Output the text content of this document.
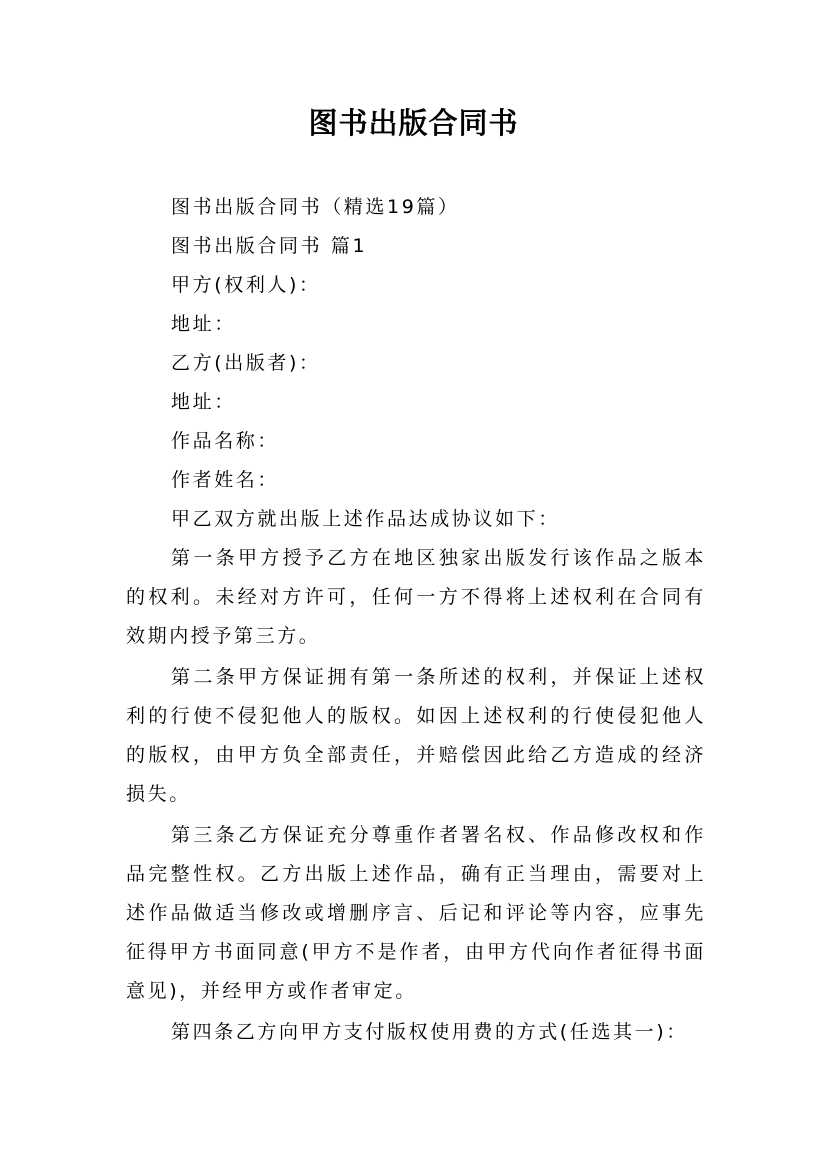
图书出版合同书

图书出版合同书（精选19篇）

图书出版合同书 篇1

甲方(权利人)：

地址：

乙方(出版者)：

地址：

作品名称：

作者姓名：

甲乙双方就出版上述作品达成协议如下：

第一条甲方授予乙方在地区独家出版发行该作品之版本的权利。未经对方许可，任何一方不得将上述权利在合同有效期内授予第三方。

第二条甲方保证拥有第一条所述的权利，并保证上述权利的行使不侵犯他人的版权。如因上述权利的行使侵犯他人的版权，由甲方负全部责任，并赔偿因此给乙方造成的经济损失。

第三条乙方保证充分尊重作者署名权、作品修改权和作品完整性权。乙方出版上述作品，确有正当理由，需要对上述作品做适当修改或增删序言、后记和评论等内容，应事先征得甲方书面同意(甲方不是作者，由甲方代向作者征得书面意见)，并经甲方或作者审定。

第四条乙方向甲方支付版权使用费的方式(任选其一)：
